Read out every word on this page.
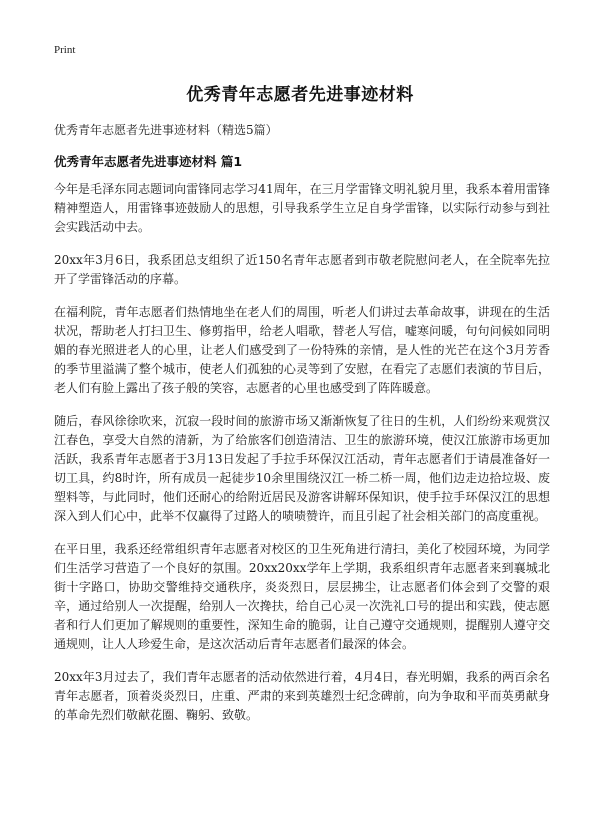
Print
优秀青年志愿者先进事迹材料
优秀青年志愿者先进事迹材料（精选5篇）
优秀青年志愿者先进事迹材料 篇1

今年是毛泽东同志题词向雷锋同志学习41周年，在三月学雷锋文明礼貌月里，我系本着用雷锋精神塑造人，用雷锋事迹鼓励人的思想，引导我系学生立足自身学雷锋，以实际行动参与到社会实践活动中去。

20xx年3月6日，我系团总支组织了近150名青年志愿者到市敬老院慰问老人，在全院率先拉开了学雷锋活动的序幕。

在福利院，青年志愿者们热情地坐在老人们的周围，听老人们讲过去革命故事，讲现在的生活状况，帮助老人打扫卫生、修剪指甲，给老人唱歌，替老人写信，嘘寒问暖，句句问候如同明媚的春光照进老人的心里，让老人们感受到了一份特殊的亲情，是人性的光芒在这个3月芳香的季节里溢满了整个城市，使老人们孤独的心灵等到了安慰，在看完了志愿们表演的节目后，老人们有脸上露出了孩子般的笑容，志愿者的心里也感受到了阵阵暖意。

随后，春风徐徐吹来，沉寂一段时间的旅游市场又渐渐恢复了往日的生机，人们纷纷来观赏汉江春色，享受大自然的清新，为了给旅客们创造清洁、卫生的旅游环境，使汉江旅游市场更加活跃，我系青年志愿者于3月13日发起了手拉手环保汉江活动，青年志愿者们于请晨准备好一切工具，约8时许，所有成员一起徒步10余里围绕汉江一桥二桥一周，他们边走边拾垃圾、废塑料等，与此同时，他们还耐心的给附近居民及游客讲解环保知识，使手拉手环保汉江的思想深入到人们心中，此举不仅赢得了过路人的啧啧赞许，而且引起了社会相关部门的高度重视。

在平日里，我系还经常组织青年志愿者对校区的卫生死角进行清扫，美化了校园环境，为同学们生活学习营造了一个良好的氛围。20xx20xx学年上学期，我系组织青年志愿者来到襄城北街十字路口，协助交警维持交通秩序，炎炎烈日，层层拂尘，让志愿者们体会到了交警的艰辛，通过给别人一次提醒，给别人一次搀扶，给自己心灵一次洗礼口号的提出和实践，使志愿者和行人们更加了解规则的重要性，深知生命的脆弱，让自己遵守交通规则，提醒别人遵守交通规则，让人人珍爱生命，是这次活动后青年志愿者们最深的体会。

20xx年3月过去了，我们青年志愿者的活动依然进行着，4月4日，春光明媚，我系的两百余名青年志愿者，顶着炎炎烈日，庄重、严肃的来到英雄烈士纪念碑前，向为争取和平而英勇献身的革命先烈们敬献花圈、鞠躬、致敬。
